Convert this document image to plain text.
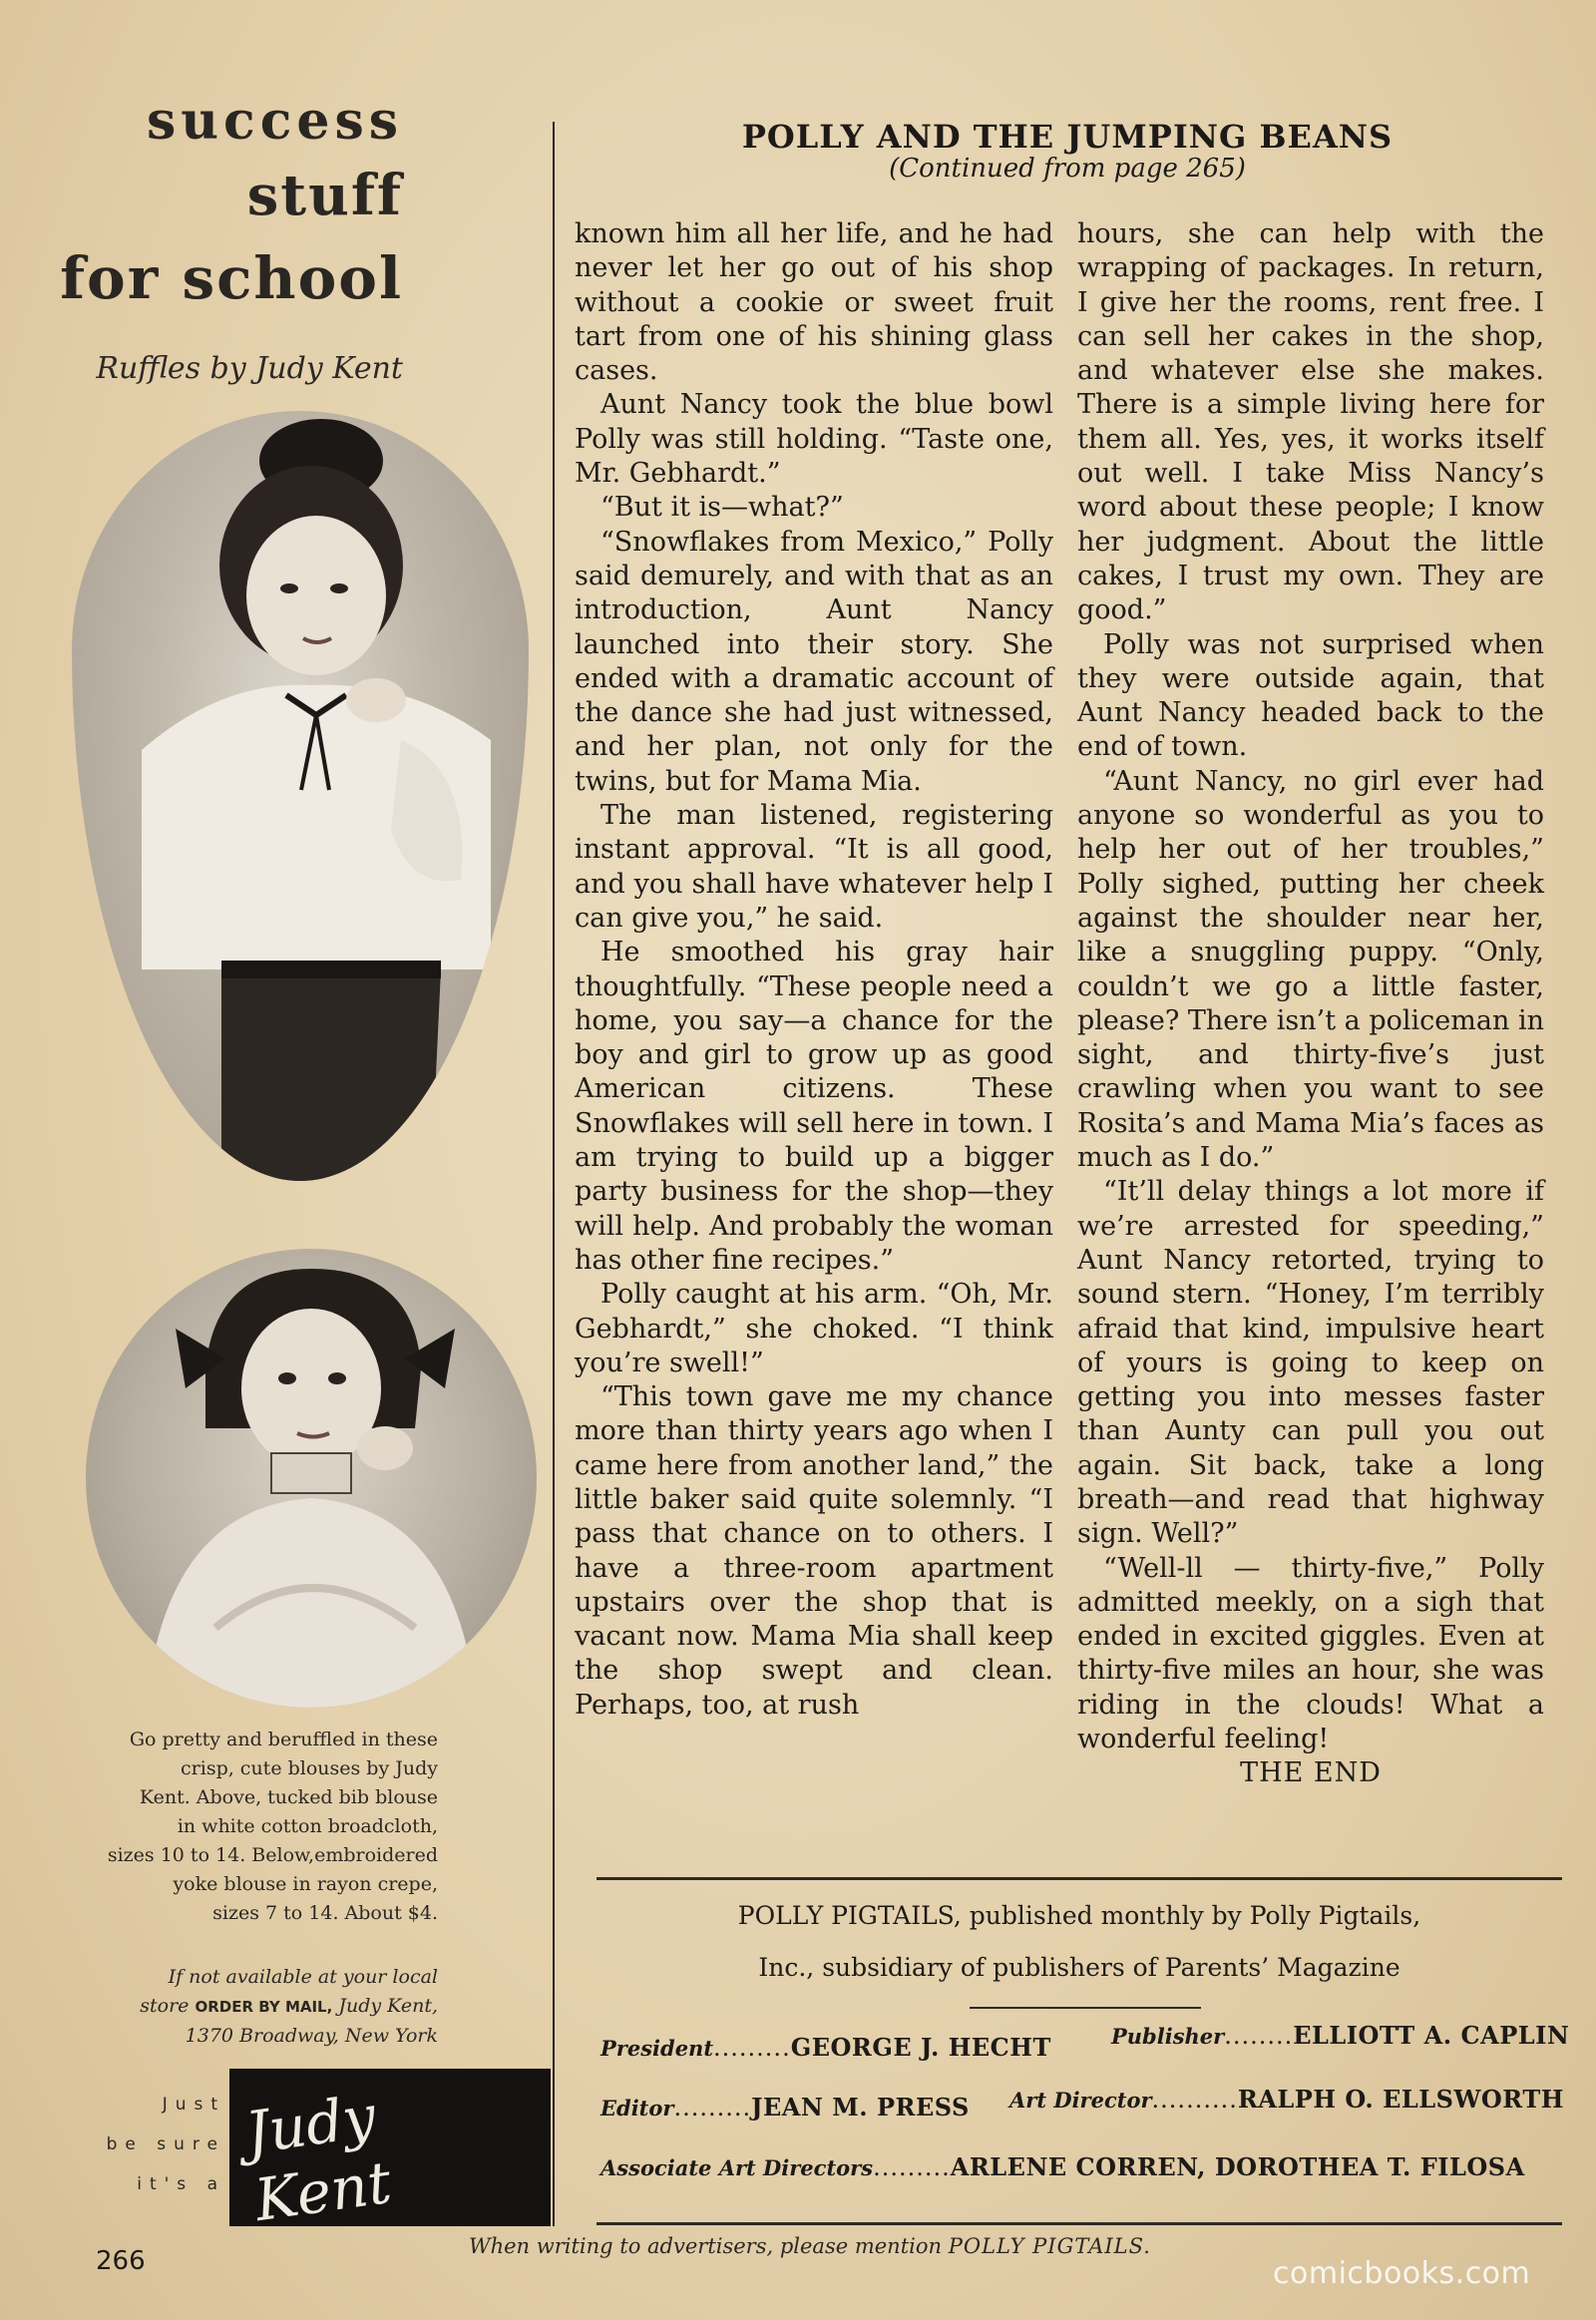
success
stuff
for school

Ruffles by Judy Kent

Go pretty and beruffled in these
crisp, cute blouses by Judy
Kent. Above, tucked bib blouse
in white cotton broadcloth,
sizes 10 to 14. Below,embroidered
yoke blouse in rayon crepe,
sizes 7 to 14. About $4.

If not available at your local
store ORDER BY MAIL, Judy Kent,
1370 Broadway, New York

Just

be sure

it's a

Judy Kent
POLLY AND THE JUMPING BEANS

(Continued from page 265)

known him all her life, and he had never let her go out of his shop without a cookie or sweet fruit tart from one of his shining glass cases.

Aunt Nancy took the blue bowl Polly was still holding. “Taste one, Mr. Gebhardt.”

“But it is—what?”

“Snowflakes from Mexico,” Polly said demurely, and with that as an introduction, Aunt Nancy launched into their story. She ended with a dramatic account of the dance she had just witnessed, and her plan, not only for the twins, but for Mama Mia.

The man listened, registering instant approval. “It is all good, and you shall have whatever help I can give you,” he said.

He smoothed his gray hair thoughtfully. “These people need a home, you say—a chance for the boy and girl to grow up as good American citizens. These Snowflakes will sell here in town. I am trying to build up a bigger party business for the shop—they will help. And probably the woman has other fine recipes.”

Polly caught at his arm. “Oh, Mr. Gebhardt,” she choked. “I think you’re swell!”

“This town gave me my chance more than thirty years ago when I came here from another land,” the little baker said quite solemnly. “I pass that chance on to others. I have a three-room apartment upstairs over the shop that is vacant now. Mama Mia shall keep the shop swept and clean. Perhaps, too, at rush

hours, she can help with the wrapping of packages. In return, I give her the rooms, rent free. I can sell her cakes in the shop, and whatever else she makes. There is a simple living here for them all. Yes, yes, it works itself out well. I take Miss Nancy’s word about these people; I know her judgment. About the little cakes, I trust my own. They are good.”

Polly was not surprised when they were outside again, that Aunt Nancy headed back to the end of town.

“Aunt Nancy, no girl ever had anyone so wonderful as you to help her out of her troubles,” Polly sighed, putting her cheek against the shoulder near her, like a snuggling puppy. “Only, couldn’t we go a little faster, please? There isn’t a policeman in sight, and thirty-five’s just crawling when you want to see Rosita’s and Mama Mia’s faces as much as I do.”

“It’ll delay things a lot more if we’re arrested for speeding,” Aunt Nancy retorted, trying to sound stern. “Honey, I’m terribly afraid that kind, impulsive heart of yours is going to keep on getting you into messes faster than Aunty can pull you out again. Sit back, take a long breath—and read that highway sign. Well?”

“Well-ll — thirty-five,” Polly admitted meekly, on a sigh that ended in excited giggles. Even at thirty-five miles an hour, she was riding in the clouds! What a wonderful feeling!

THE END

POLLY PIGTAILS, published monthly by Polly Pigtails,

Inc., subsidiary of publishers of Parents’ Magazine

President.........GEORGE J. HECHT	Publisher........ELLIOTT A. CAPLIN

Editor.........JEAN M. PRESS Art Director..........RALPH O. ELLSWORTH

Associate Art Directors.........ARLENE CORREN, DOROTHEA T. FILOSA

266	When writing to advertisers, please mention POLLY PIGTAILS.

comicbooks.com
